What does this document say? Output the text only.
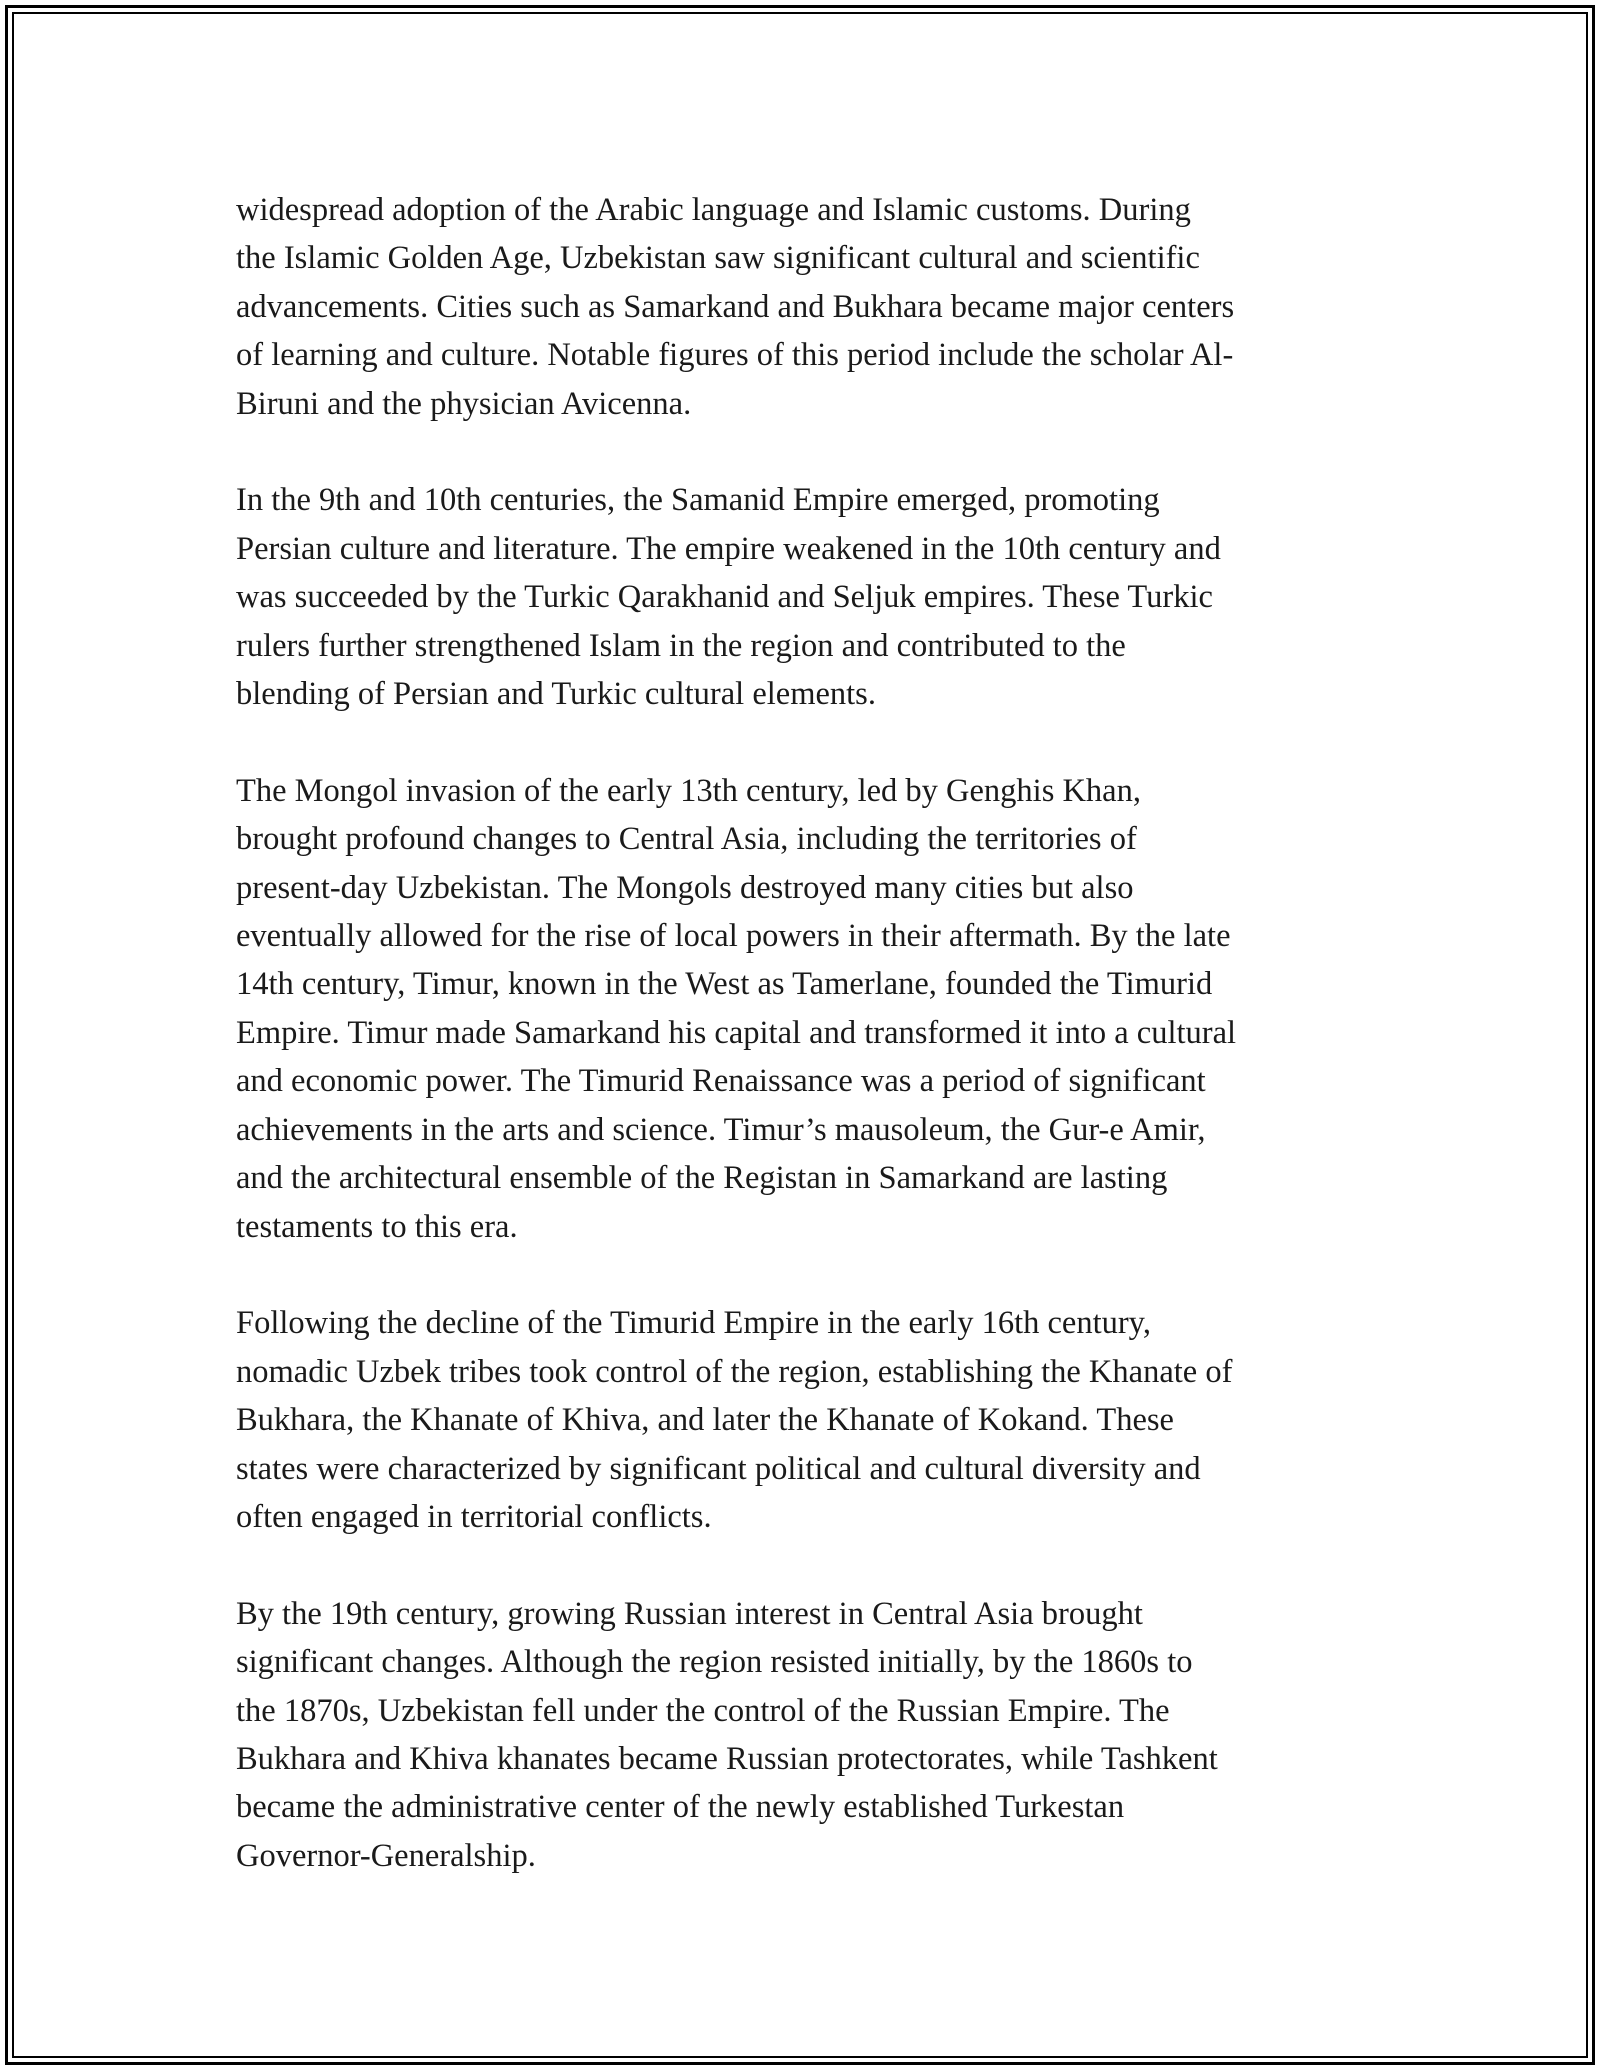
widespread adoption of the Arabic language and Islamic customs. During
the Islamic Golden Age, Uzbekistan saw significant cultural and scientific
advancements. Cities such as Samarkand and Bukhara became major centers
of learning and culture. Notable figures of this period include the scholar Al-
Biruni and the physician Avicenna.

In the 9th and 10th centuries, the Samanid Empire emerged, promoting
Persian culture and literature. The empire weakened in the 10th century and
was succeeded by the Turkic Qarakhanid and Seljuk empires. These Turkic
rulers further strengthened Islam in the region and contributed to the
blending of Persian and Turkic cultural elements.

The Mongol invasion of the early 13th century, led by Genghis Khan,
brought profound changes to Central Asia, including the territories of
present-day Uzbekistan. The Mongols destroyed many cities but also
eventually allowed for the rise of local powers in their aftermath. By the late
14th century, Timur, known in the West as Tamerlane, founded the Timurid
Empire. Timur made Samarkand his capital and transformed it into a cultural
and economic power. The Timurid Renaissance was a period of significant
achievements in the arts and science. Timur’s mausoleum, the Gur-e Amir,
and the architectural ensemble of the Registan in Samarkand are lasting
testaments to this era.

Following the decline of the Timurid Empire in the early 16th century,
nomadic Uzbek tribes took control of the region, establishing the Khanate of
Bukhara, the Khanate of Khiva, and later the Khanate of Kokand. These
states were characterized by significant political and cultural diversity and
often engaged in territorial conflicts.

By the 19th century, growing Russian interest in Central Asia brought
significant changes. Although the region resisted initially, by the 1860s to
the 1870s, Uzbekistan fell under the control of the Russian Empire. The
Bukhara and Khiva khanates became Russian protectorates, while Tashkent
became the administrative center of the newly established Turkestan
Governor-Generalship.
